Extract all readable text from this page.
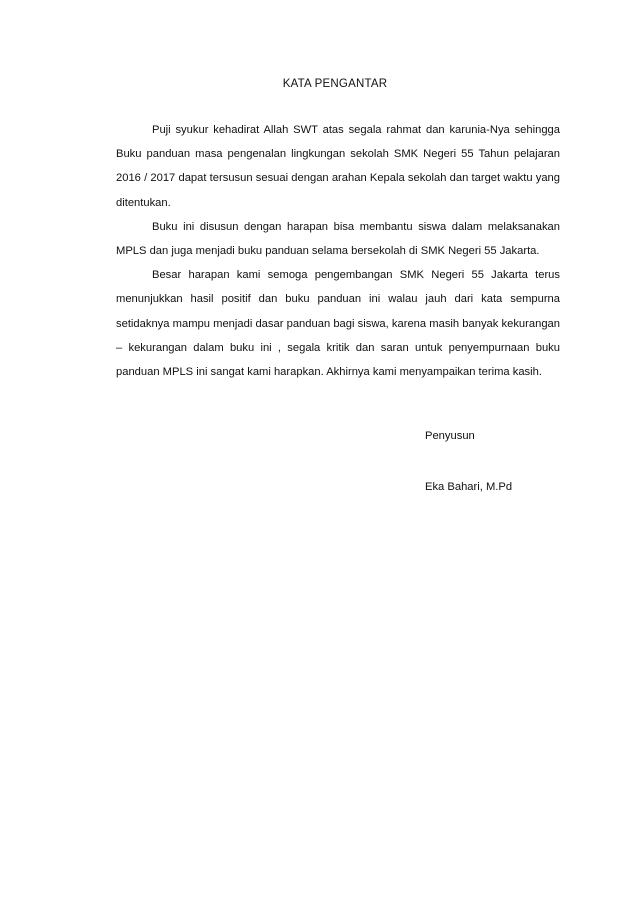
KATA PENGANTAR

Puji syukur kehadirat Allah SWT atas segala rahmat dan karunia-Nya sehingga Buku panduan masa pengenalan lingkungan sekolah SMK Negeri 55 Tahun pelajaran 2016 / 2017 dapat tersusun sesuai dengan arahan Kepala sekolah dan target waktu yang ditentukan.

Buku ini disusun dengan harapan bisa membantu siswa dalam melaksanakan MPLS dan juga menjadi buku panduan selama bersekolah di SMK Negeri 55 Jakarta.

Besar harapan kami semoga pengembangan SMK Negeri 55 Jakarta terus menunjukkan hasil positif dan buku panduan ini walau jauh dari kata sempurna setidaknya mampu menjadi dasar panduan bagi siswa, karena masih banyak kekurangan – kekurangan dalam buku ini , segala kritik dan saran untuk penyempurnaan buku panduan MPLS ini sangat kami harapkan. Akhirnya kami menyampaikan terima kasih.

Penyusun
Eka Bahari, M.Pd
